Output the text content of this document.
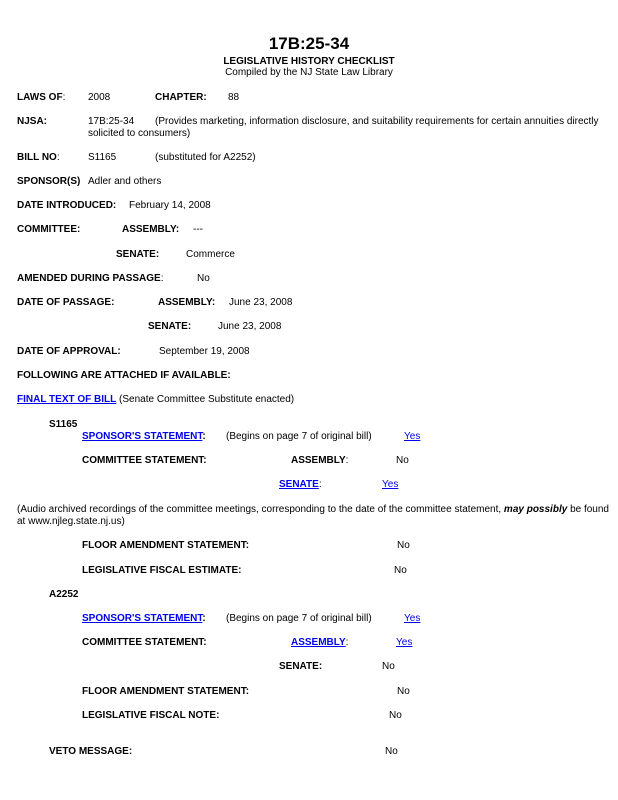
17B:25-34
LEGISLATIVE HISTORY CHECKLIST
Compiled by the NJ State Law Library
LAWS OF: 2008	CHAPTER: 88
NJSA:	17B:25-34 (Provides marketing, information disclosure, and suitability requirements for certain annuities directly
solicited to consumers)
BILL NO:	S1165	(substituted for A2252)
SPONSOR(S) Adler and others
DATE INTRODUCED: February 14, 2008
COMMITTEE:	ASSEMBLY: ---
SENATE:	Commerce
AMENDED DURING PASSAGE:	No
DATE OF PASSAGE:	ASSEMBLY: June 23, 2008
SENATE:	June 23, 2008
DATE OF APPROVAL:	September 19, 2008
FOLLOWING ARE ATTACHED IF AVAILABLE:
FINAL TEXT OF BILL (Senate Committee Substitute enacted)
S1165
SPONSOR'S STATEMENT: (Begins on page 7 of original bill)	Yes
COMMITTEE STATEMENT:	ASSEMBLY:	No
SENATE:	Yes
(Audio archived recordings of the committee meetings, corresponding to the date of the committee statement, may possibly be found
at www.njleg.state.nj.us)
FLOOR AMENDMENT STATEMENT:	No
LEGISLATIVE FISCAL ESTIMATE:	No
A2252
SPONSOR'S STATEMENT: (Begins on page 7 of original bill)	Yes
COMMITTEE STATEMENT:	ASSEMBLY:	Yes
SENATE:	No
FLOOR AMENDMENT STATEMENT:	No
LEGISLATIVE FISCAL NOTE:	No
VETO MESSAGE:	No
